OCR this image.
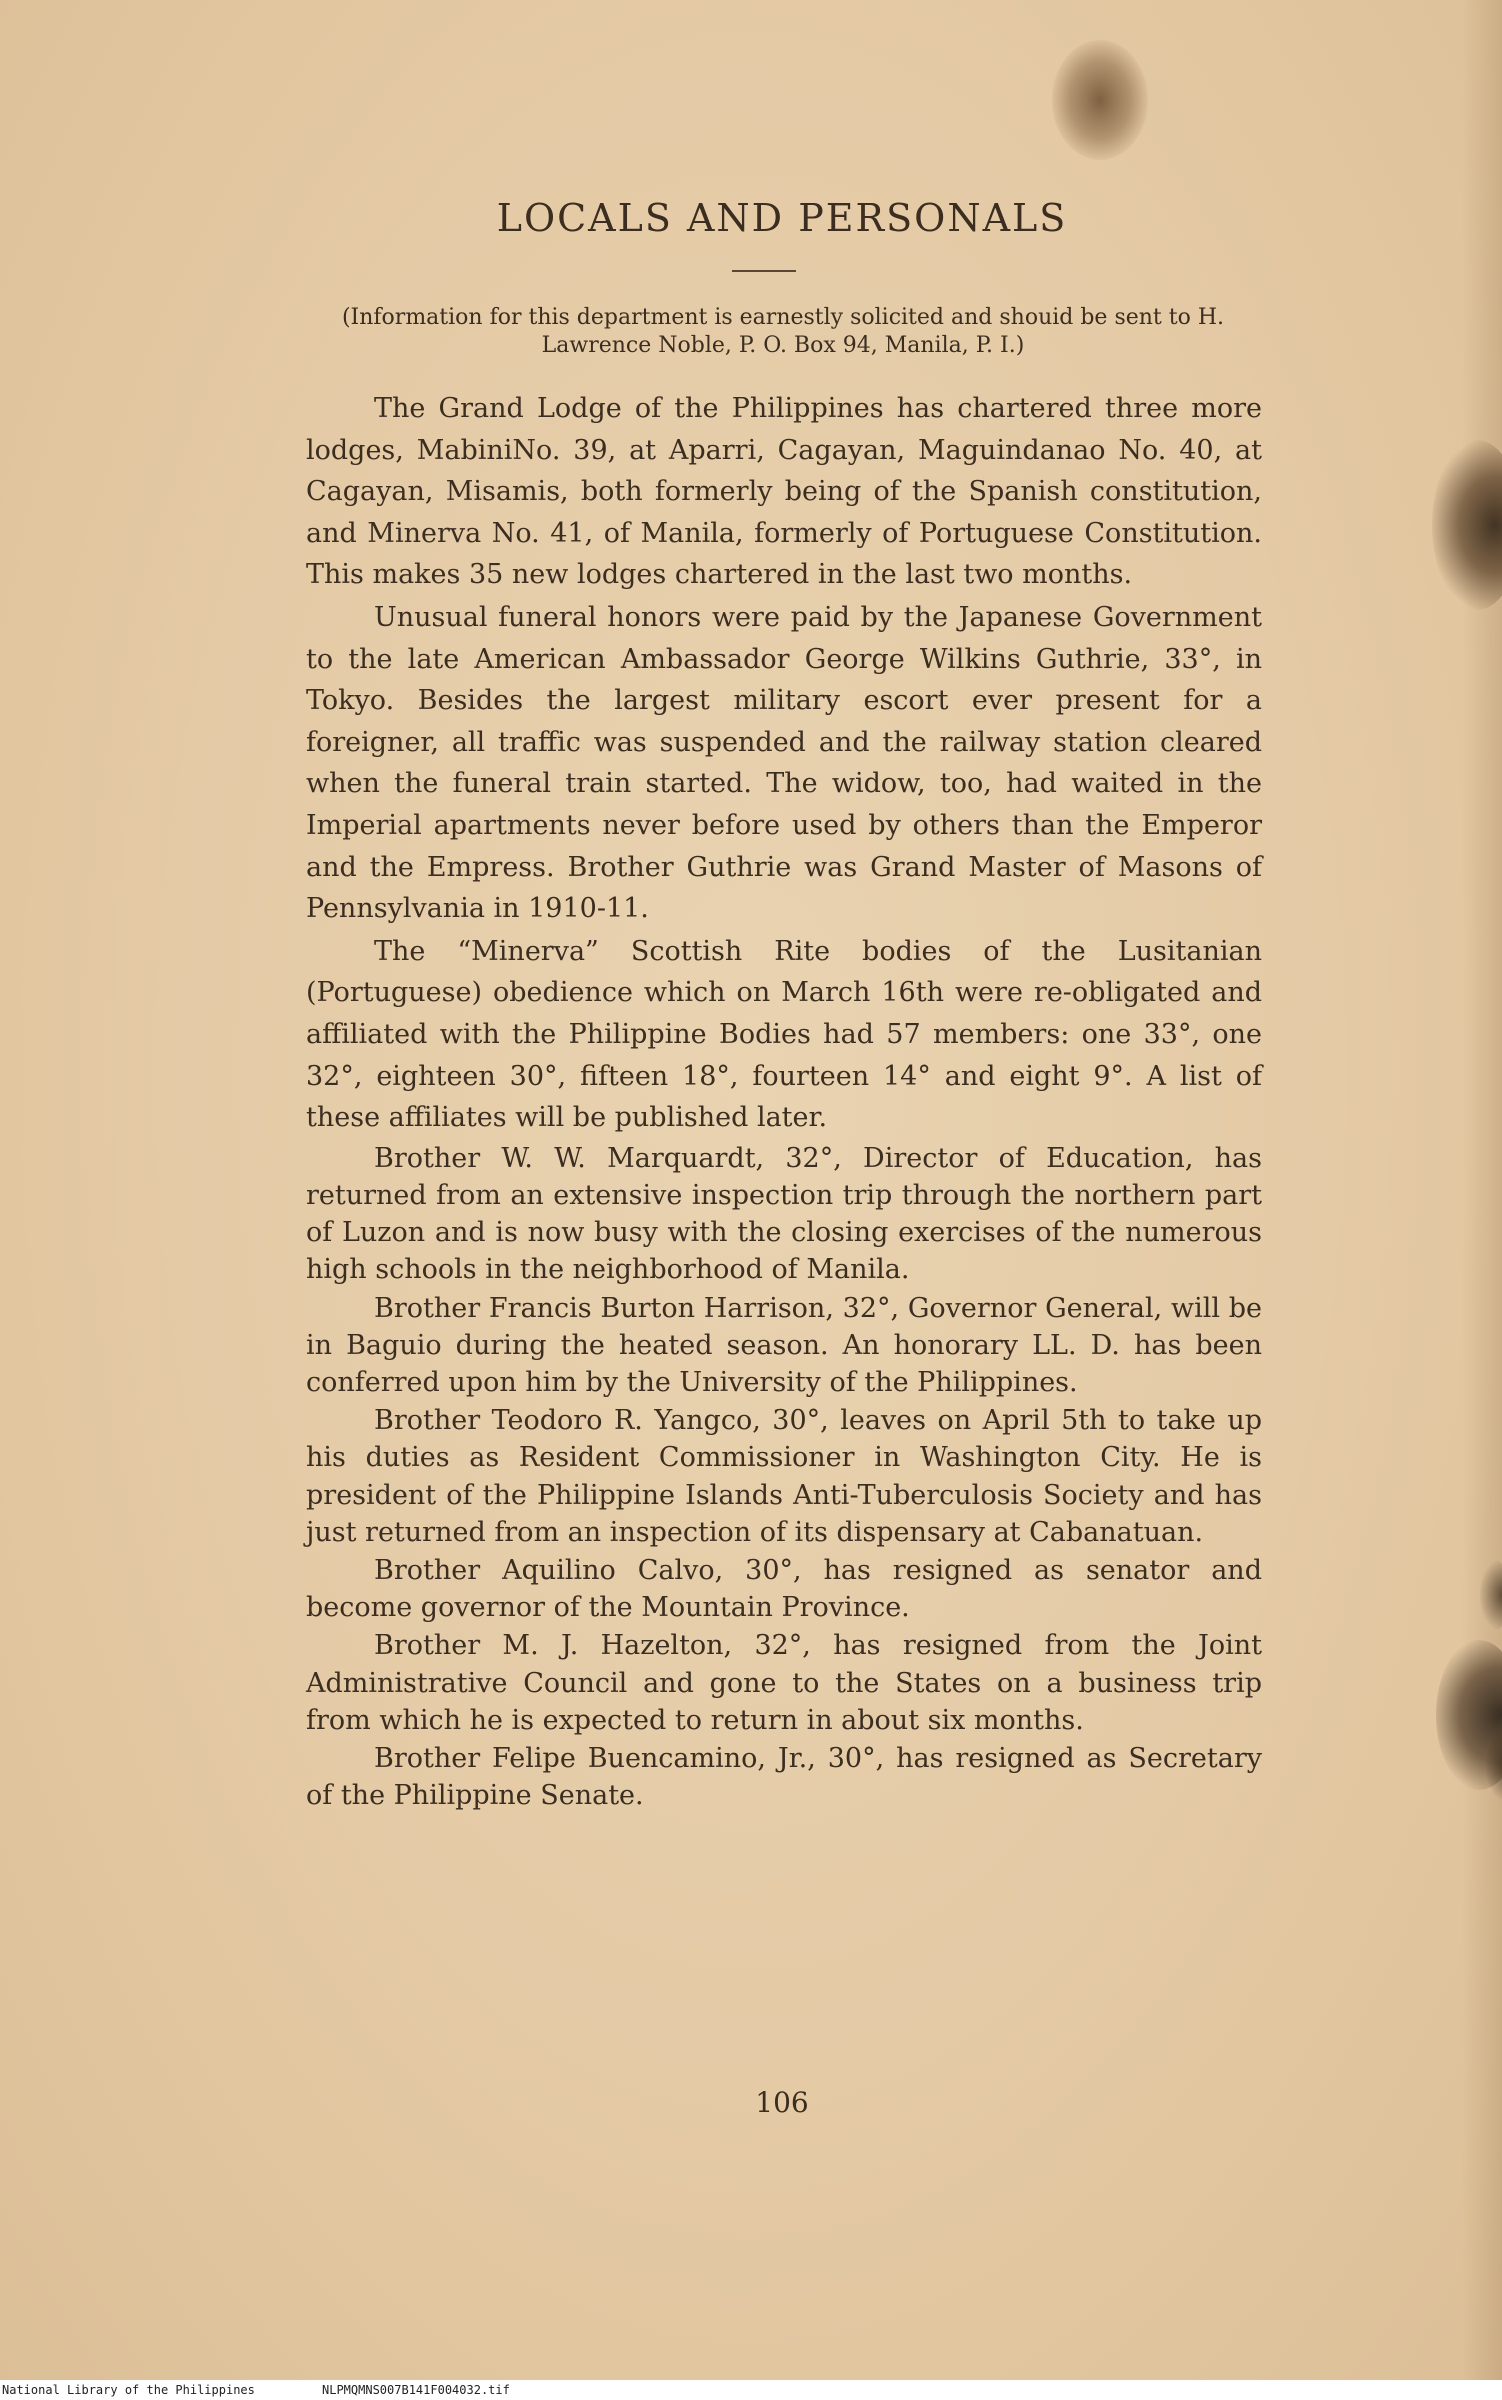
LOCALS AND PERSONALS
(Information for this department is earnestly solicited and shouid be sent to H. Lawrence Noble, P. O. Box 94, Manila, P. I.)

The Grand Lodge of the Philippines has chartered three more lodges, MabiniNo. 39, at Aparri, Cagayan, Maguindanao No. 40, at Cagayan, Misamis, both formerly being of the Spanish constitution, and Minerva No. 41, of Manila, formerly of Portuguese Constitution. This makes 35 new lodges chartered in the last two months.

Unusual funeral honors were paid by the Japanese Government to the late American Ambassador George Wilkins Guthrie, 33°, in Tokyo. Besides the largest military escort ever present for a foreigner, all traffic was suspended and the railway station cleared when the funeral train started. The widow, too, had waited in the Imperial apartments never before used by others than the Emperor and the Empress. Brother Guthrie was Grand Master of Masons of Pennsylvania in 1910-11.

The “Minerva” Scottish Rite bodies of the Lusitanian (Portuguese) obedience which on March 16th were re-obligated and affiliated with the Philippine Bodies had 57 members: one 33°, one 32°, eighteen 30°, fifteen 18°, fourteen 14° and eight 9°. A list of these affiliates will be published later.

Brother W. W. Marquardt, 32°, Director of Education, has returned from an extensive inspection trip through the northern part of Luzon and is now busy with the closing exercises of the numerous high schools in the neighborhood of Manila.

Brother Francis Burton Harrison, 32°, Governor General, will be in Baguio during the heated season. An honorary LL. D. has been conferred upon him by the University of the Philippines.

Brother Teodoro R. Yangco, 30°, leaves on April 5th to take up his duties as Resident Commissioner in Washington City. He is president of the Philippine Islands Anti-Tuberculosis Society and has just returned from an inspection of its dispensary at Cabanatuan.

Brother Aquilino Calvo, 30°, has resigned as senator and become governor of the Mountain Province.

Brother M. J. Hazelton, 32°, has resigned from the Joint Administrative Council and gone to the States on a business trip from which he is expected to return in about six months.

Brother Felipe Buencamino, Jr., 30°, has resigned as Secretary of the Philippine Senate.

106
National Library of the Philippines	NLPMQMNS007B141F004032.tif
